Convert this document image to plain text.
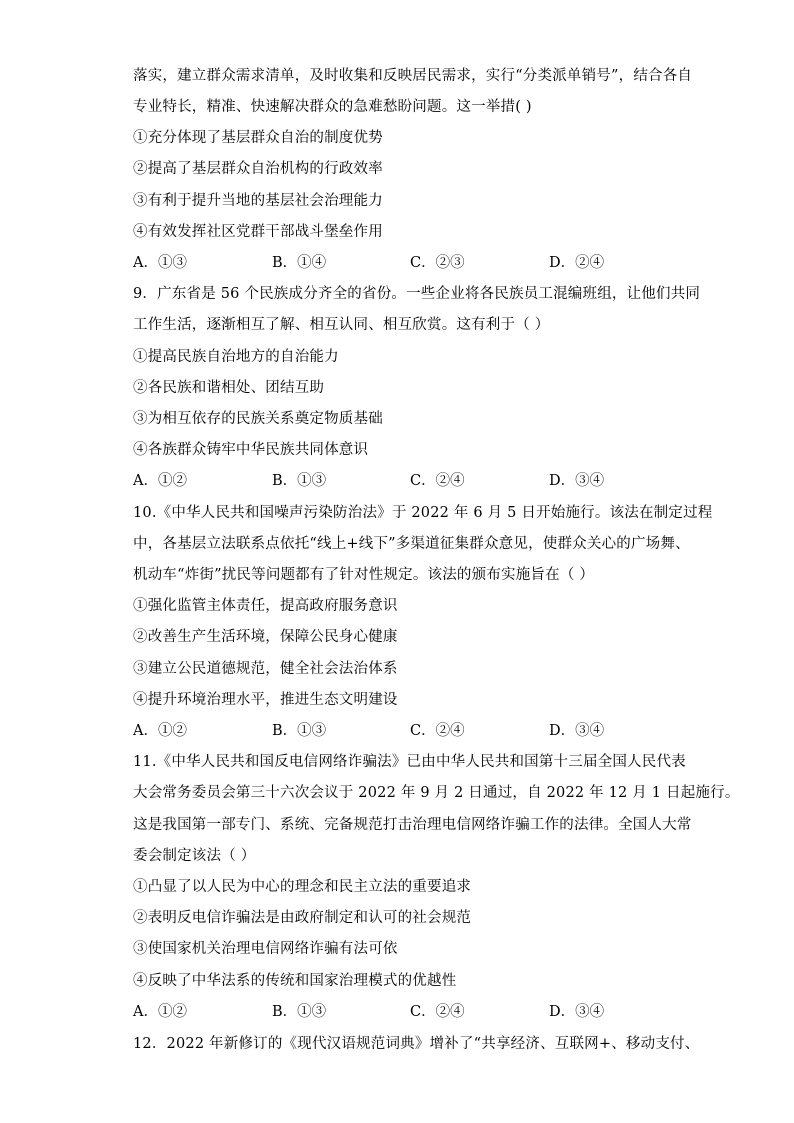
落实，建立群众需求清单，及时收集和反映居民需求，实行“分类派单销号”，结合各自
专业特长，精准、快速解决群众的急难愁盼问题。这一举措( )
①充分体现了基层群众自治的制度优势
②提高了基层群众自治机构的行政效率
③有利于提升当地的基层社会治理能力
④有效发挥社区党群干部战斗堡垒作用
A．①③	B．①④	C．②③	D．②④
9．广东省是 56 个民族成分齐全的省份。一些企业将各民族员工混编班组，让他们共同
工作生活，逐渐相互了解、相互认同、相互欣赏。这有利于（ ）
①提高民族自治地方的自治能力
②各民族和谐相处、团结互助
③为相互依存的民族关系奠定物质基础
④各族群众铸牢中华民族共同体意识
A．①②	B．①③	C．②④	D．③④
10.《中华人民共和国噪声污染防治法》于 2022 年 6 月 5 日开始施行。该法在制定过程
中，各基层立法联系点依托“线上+线下”多渠道征集群众意见，使群众关心的广场舞、
机动车“炸街”扰民等问题都有了针对性规定。该法的颁布实施旨在（ ）
①强化监管主体责任，提高政府服务意识
②改善生产生活环境，保障公民身心健康
③建立公民道德规范，健全社会法治体系
④提升环境治理水平，推进生态文明建设
A．①②	B．①③	C．②④	D．③④
11.《中华人民共和国反电信网络诈骗法》已由中华人民共和国第十三届全国人民代表
大会常务委员会第三十六次会议于 2022 年 9 月 2 日通过，自 2022 年 12 月 1 日起施行。
这是我国第一部专门、系统、完备规范打击治理电信网络诈骗工作的法律。全国人大常
委会制定该法（ ）
①凸显了以人民为中心的理念和民主立法的重要追求
②表明反电信诈骗法是由政府制定和认可的社会规范
③使国家机关治理电信网络诈骗有法可依
④反映了中华法系的传统和国家治理模式的优越性
A．①②	B．①③	C．②④	D．③④
12．2022 年新修订的《现代汉语规范词典》增补了“共享经济、互联网+、移动支付、
